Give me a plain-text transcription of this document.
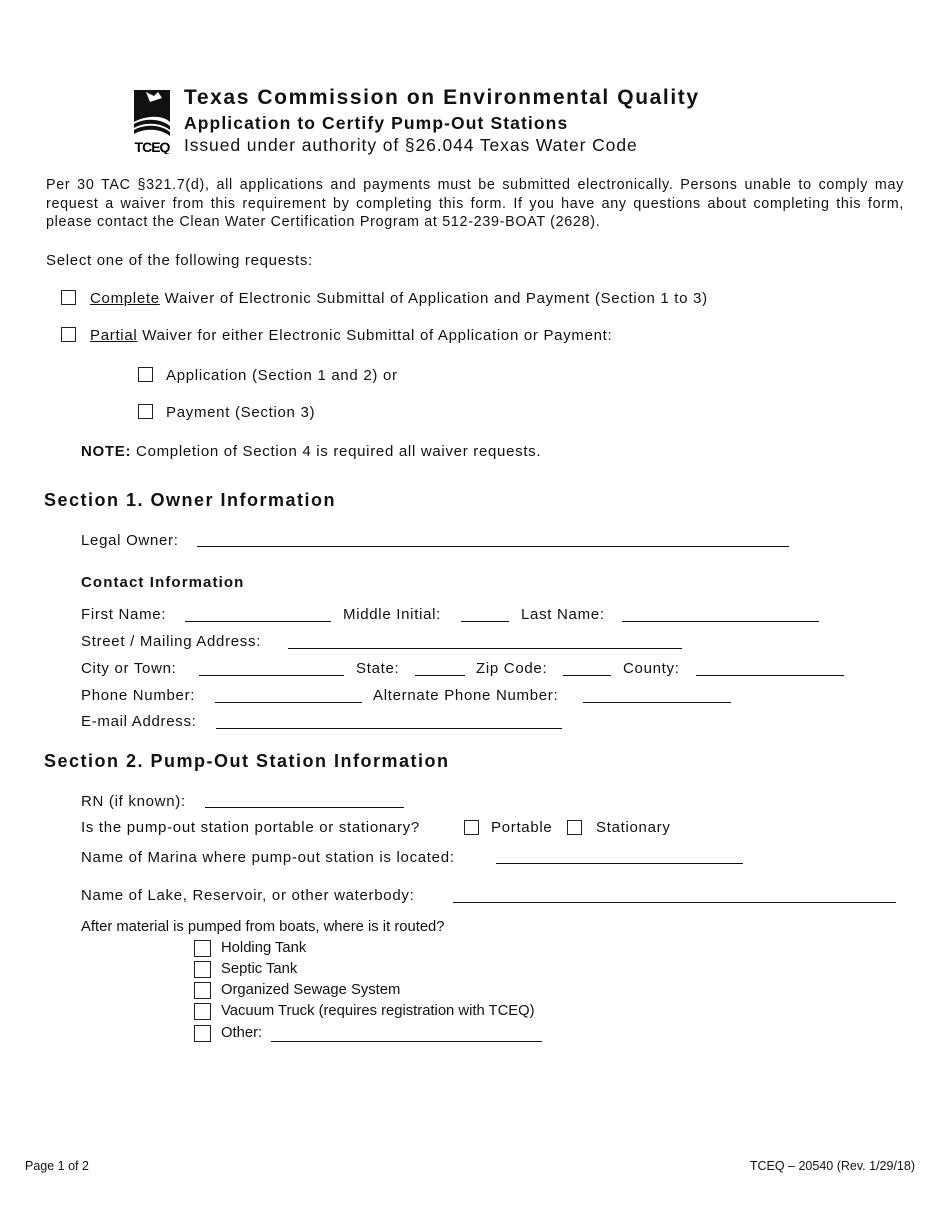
TCEQ
Texas Commission on Environmental Quality
Application to Certify Pump-Out Stations
Issued under authority of §26.044 Texas Water Code
Per 30 TAC §321.7(d), all applications and payments must be submitted electronically. Persons unable to comply may request a waiver from this requirement by completing this form. If you have any questions about completing this form, please contact the Clean Water Certification Program at 512-239-BOAT (2628).
Select one of the following requests:
Complete Waiver of Electronic Submittal of Application and Payment (Section 1 to 3)
Partial Waiver for either Electronic Submittal of Application or Payment:
Application (Section 1 and 2) or
Payment (Section 3)
NOTE: Completion of Section 4 is required all waiver requests.
Section 1. Owner Information
Legal Owner:
Contact Information
First Name:	Middle Initial:	Last Name:
Street / Mailing Address:
City or Town:	State:	Zip Code:	County:
Phone Number:	Alternate Phone Number:
E-mail Address:
Section 2. Pump-Out Station Information
RN (if known):
Is the pump-out station portable or stationary?	Portable	Stationary
Name of Marina where pump-out station is located:
Name of Lake, Reservoir, or other waterbody:
After material is pumped from boats, where is it routed?
Holding Tank
Septic Tank
Organized Sewage System
Vacuum Truck (requires registration with TCEQ)
Other:
Page 1 of 2	TCEQ – 20540 (Rev. 1/29/18)
